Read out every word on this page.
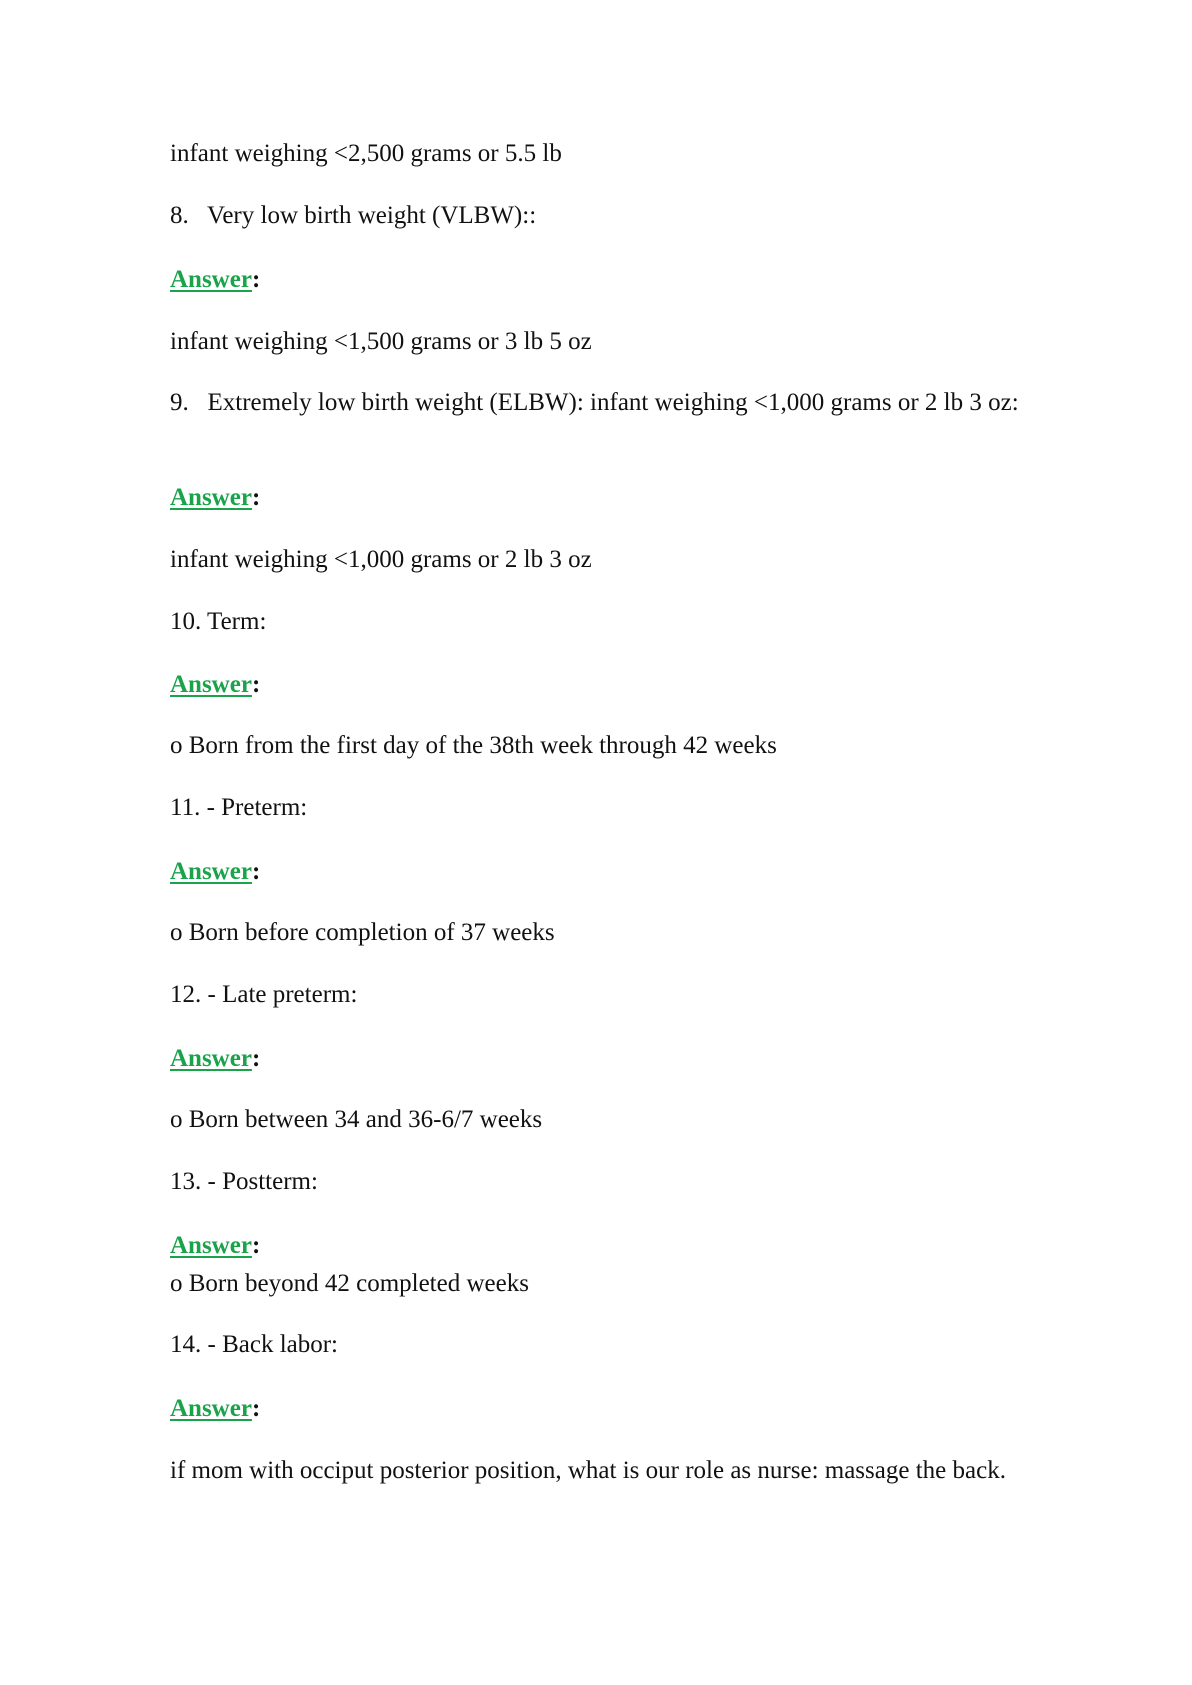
infant weighing <2,500 grams or 5.5 lb
8.   Very low birth weight (VLBW)::
Answer:
infant weighing <1,500 grams or 3 lb 5 oz
9.   Extremely low birth weight (ELBW): infant weighing <1,000 grams or 2 lb 3 oz:
Answer:
infant weighing <1,000 grams or 2 lb 3 oz
10. Term:
Answer:
o Born from the first day of the 38th week through 42 weeks
11. - Preterm:
Answer:
o Born before completion of 37 weeks
12. - Late preterm:
Answer:
o Born between 34 and 36-6/7 weeks
13. - Postterm:
Answer:
o Born beyond 42 completed weeks
14. - Back labor:
Answer:
if mom with occiput posterior position, what is our role as nurse: massage the back.
